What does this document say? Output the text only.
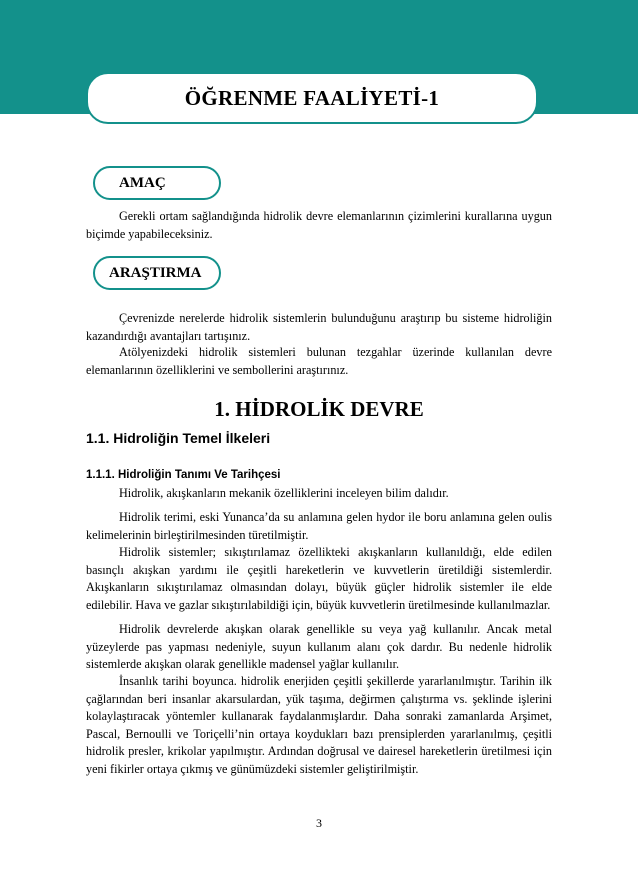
ÖĞRENME FAALİYETİ-1
AMAÇ

Gerekli ortam sağlandığında hidrolik devre elemanlarının çizimlerini kurallarına uygun biçimde yapabileceksiniz.

ARAŞTIRMA

Çevrenizde nerelerde hidrolik sistemlerin bulunduğunu araştırıp bu sisteme hidroliğin kazandırdığı avantajları tartışınız.

Atölyenizdeki hidrolik sistemleri bulunan tezgahlar üzerinde kullanılan devre elemanlarının özelliklerini ve sembollerini araştırınız.

1. HİDROLİK DEVRE
1.1. Hidroliğin Temel İlkeleri
1.1.1. Hidroliğin Tanımı Ve Tarihçesi

Hidrolik, akışkanların mekanik özelliklerini inceleyen bilim dalıdır.

Hidrolik terimi, eski Yunanca’da su anlamına gelen hydor ile boru anlamına gelen oulis kelimelerinin birleştirilmesinden türetilmiştir.

Hidrolik sistemler; sıkıştırılamaz özellikteki akışkanların kullanıldığı, elde edilen basınçlı akışkan yardımı ile çeşitli hareketlerin ve kuvvetlerin üretildiği sistemlerdir. Akışkanların sıkıştırılamaz olmasından dolayı, büyük güçler hidrolik sistemler ile elde edilebilir. Hava ve gazlar sıkıştırılabildiği için, büyük kuvvetlerin üretilmesinde kullanılmazlar.

Hidrolik devrelerde akışkan olarak genellikle su veya yağ kullanılır. Ancak metal yüzeylerde pas yapması nedeniyle, suyun kullanım alanı çok dardır. Bu nedenle hidrolik sistemlerde akışkan olarak genellikle madensel yağlar kullanılır.

İnsanlık tarihi boyunca. hidrolik enerjiden çeşitli şekillerde yararlanılmıştır. Tarihin ilk çağlarından beri insanlar akarsulardan, yük taşıma, değirmen çalıştırma vs. şeklinde işlerini kolaylaştıracak yöntemler kullanarak faydalanmışlardır. Daha sonraki zamanlarda Arşimet, Pascal, Bernoulli ve Toriçelli’nin ortaya koydukları bazı prensiplerden yararlanılmış, çeşitli hidrolik presler, krikolar yapılmıştır. Ardından doğrusal ve dairesel hareketlerin üretilmesi için yeni fikirler ortaya çıkmış ve günümüzdeki sistemler geliştirilmiştir.

3
